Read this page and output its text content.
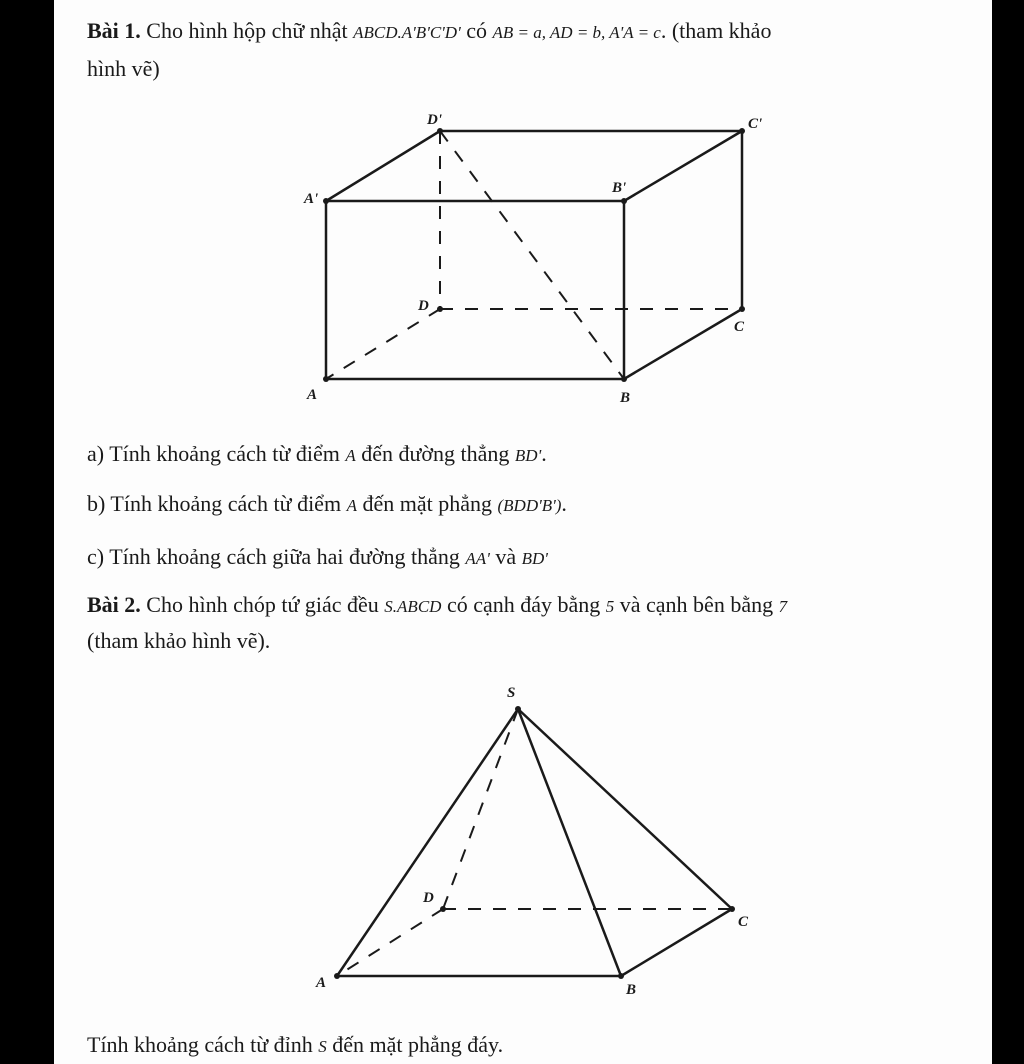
Bài 1. Cho hình hộp chữ nhật ABCD.A'B'C'D' có AB = a, AD = b, A'A = c. (tham khảo
hình vẽ)
D'	C'
A'
B'
D
C
A	B
a) Tính khoảng cách từ điểm A đến đường thẳng BD'.
b) Tính khoảng cách từ điểm A đến mặt phẳng (BDD'B').
c) Tính khoảng cách giữa hai đường thẳng AA' và BD'
Bài 2. Cho hình chóp tứ giác đều S.ABCD có cạnh đáy bằng 5 và cạnh bên bằng 7
(tham khảo hình vẽ).
S
D
C
A	B
Tính khoảng cách từ đỉnh S đến mặt phẳng đáy.
